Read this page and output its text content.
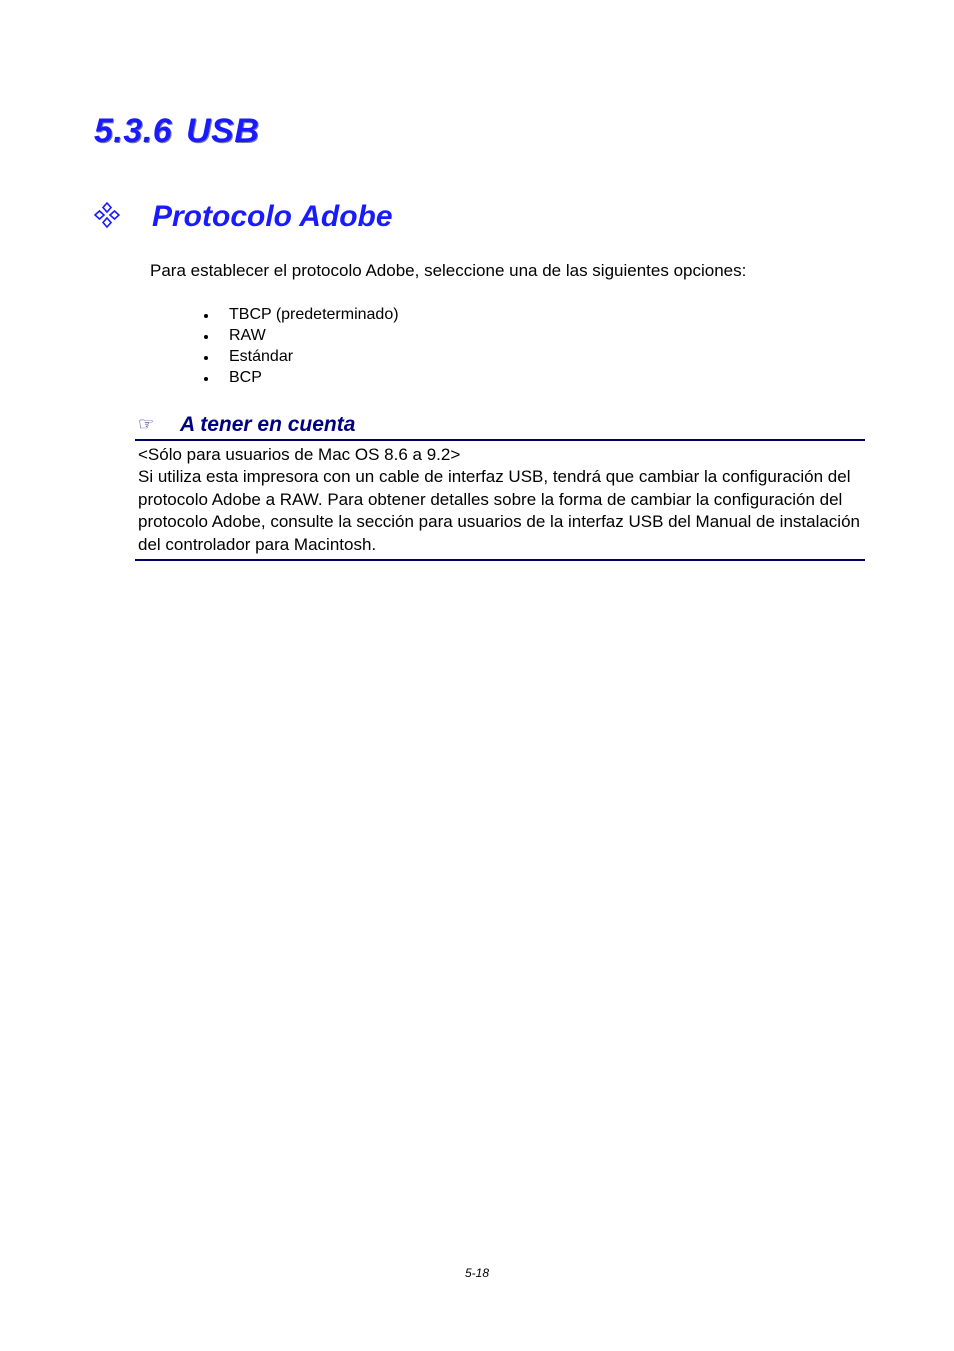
5.3.6 USB
Protocolo Adobe

Para establecer el protocolo Adobe, seleccione una de las siguientes opciones:

TBCP (predeterminado)
RAW
Estándar
BCP
☞ A tener en cuenta

<Sólo para usuarios de Mac OS 8.6 a 9.2>

Si utiliza esta impresora con un cable de interfaz USB, tendrá que cambiar la configuración del protocolo Adobe a RAW. Para obtener detalles sobre la forma de cambiar la configuración del protocolo Adobe, consulte la sección para usuarios de la interfaz USB del Manual de instalación del controlador para Macintosh.

5-18
